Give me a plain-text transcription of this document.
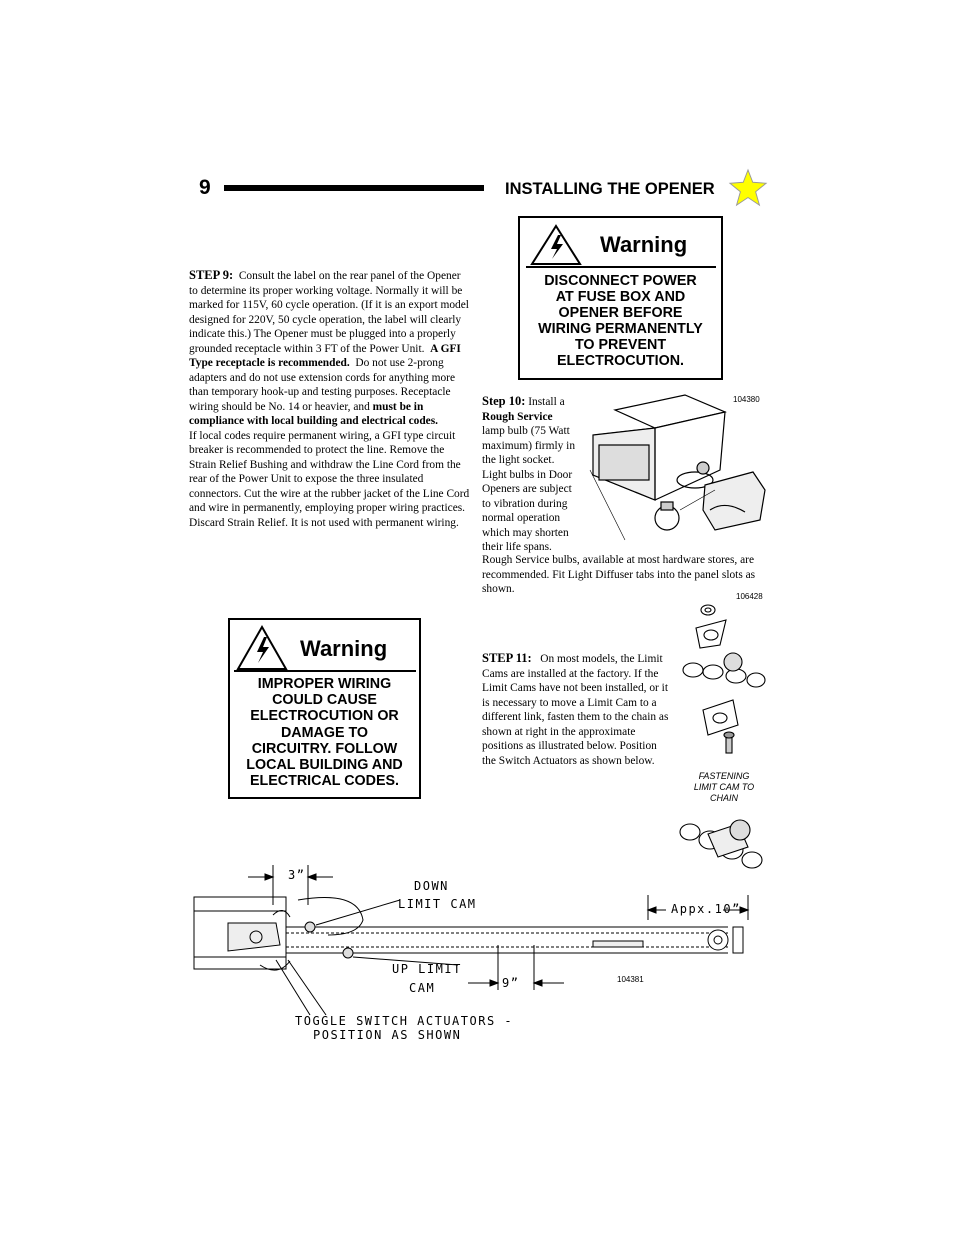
9	INSTALLING THE OPENER
Warning
DISCONNECT POWER
AT FUSE BOX AND
OPENER BEFORE
WIRING PERMANENTLY
TO PREVENT
ELECTROCUTION.
STEP 9: Consult the label on the rear panel of the Opener to determine its proper working voltage. Normally it will be marked for 115V, 60 cycle operation. (If it is an export model designed for 220V, 50 cycle operation, the label will clearly indicate this.) The Opener must be plugged into a properly grounded receptacle within 3 FT of the Power Unit. A GFI Type receptacle is recommended. Do not use 2-prong adapters and do not use extension cords for anything more than temporary hook-up and testing purposes. Receptacle wiring should be No. 14 or heavier, and must be in compliance with local building and electrical codes.
If local codes require permanent wiring, a GFI type circuit breaker is recommended to protect the line. Remove the Strain Relief Bushing and withdraw the Line Cord from the rear of the Power Unit to expose the three insulated connectors. Cut the wire at the rubber jacket of the Line Cord and wire in permanently, employing proper wiring practices. Discard Strain Relief. It is not used with permanent wiring.
Step 10: Install a Rough Service lamp bulb (75 Watt maximum) firmly in the light socket. Light bulbs in Door Openers are subject to vibration during normal operation which may shorten their life spans.
Rough Service bulbs, available at most hardware stores, are recommended. Fit Light Diffuser tabs into the panel slots as shown.
104380
Warning
IMPROPER WIRING
COULD CAUSE
ELECTROCUTION OR
DAMAGE TO
CIRCUITRY. FOLLOW
LOCAL BUILDING AND
ELECTRICAL CODES.
106428
STEP 11: On most models, the Limit Cams are installed at the factory. If the Limit Cams have not been installed, or it is necessary to move a Limit Cam to a different link, fasten them to the chain as shown at right in the approximate positions as illustrated below. Position the Switch Actuators as shown below.
FASTENING
LIMIT CAM TO
CHAIN
3”
DOWN
LIMIT CAM	Appx.10”
UP LIMIT
CAM	9”	104381
TOGGLE SWITCH ACTUATORS -
POSITION AS SHOWN
